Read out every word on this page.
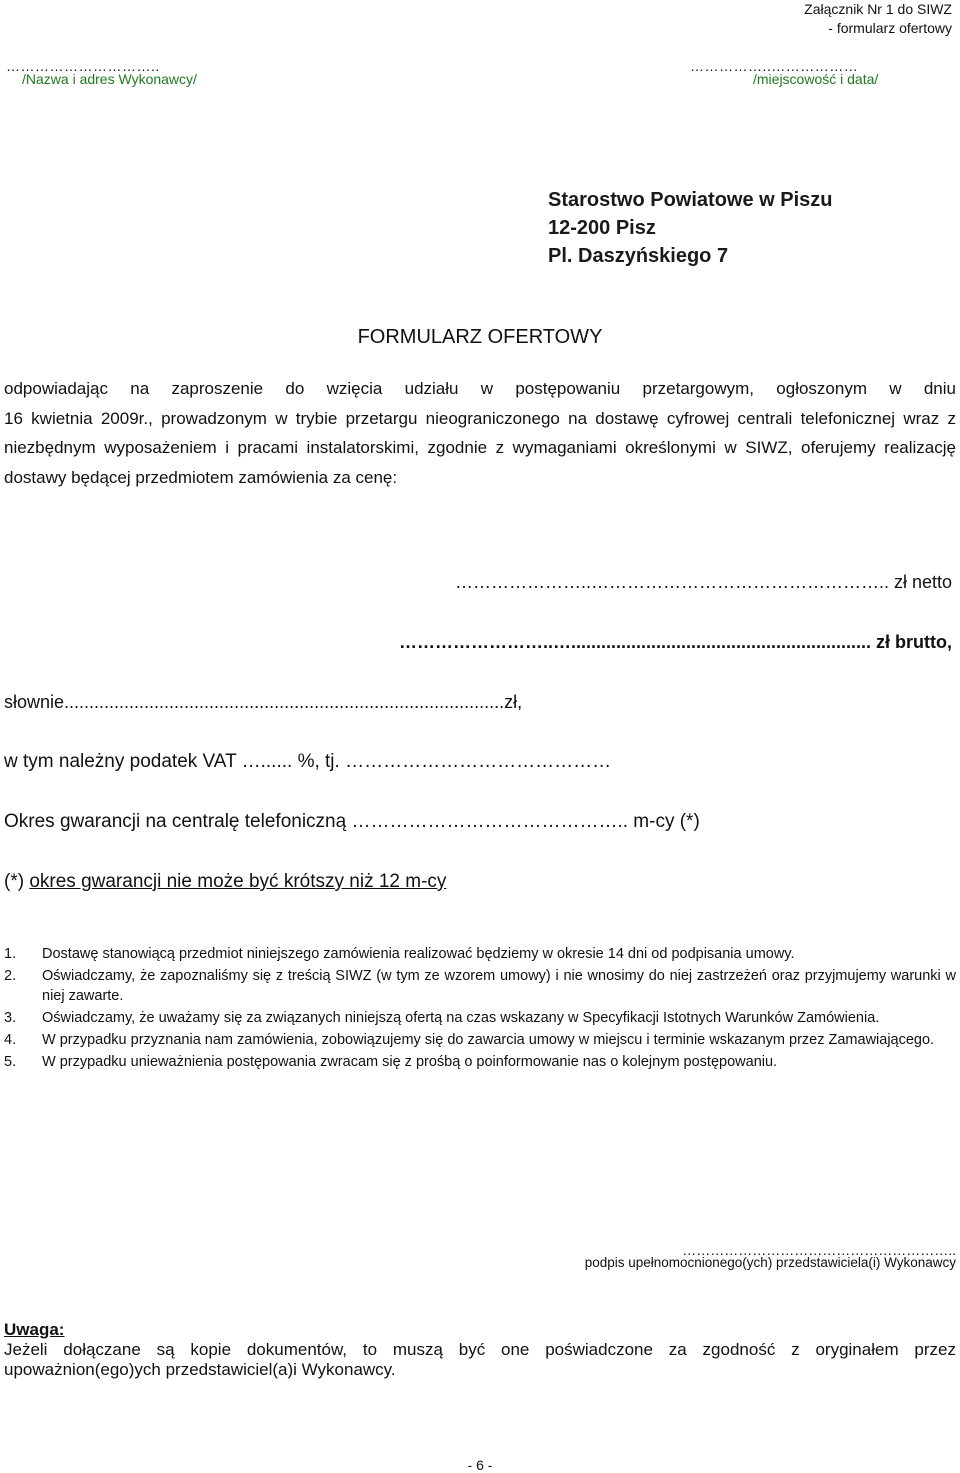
Załącznik Nr 1 do SIWZ
- formularz ofertowy
…………………………..
/Nazwa i adres Wykonawcy/
……………..………………
/miejscowość i data/
Starostwo Powiatowe w Piszu
12-200 Pisz
Pl. Daszyńskiego 7
FORMULARZ OFERTOWY
odpowiadając na zaproszenie do wzięcia udziału w postępowaniu przetargowym, ogłoszonym w dniu
16 kwietnia 2009r., prowadzonym w trybie przetargu nieograniczonego na dostawę cyfrowej centrali telefonicznej wraz z niezbędnym wyposażeniem i pracami instalatorskimi, zgodnie z wymaganiami określonymi w SIWZ, oferujemy realizację dostawy będącej przedmiotem zamówienia za cenę:
…………………..………………………………………….. zł netto
……………………..…............................................................ zł brutto,
słownie........................................................................................zł,
w tym należny podatek VAT …...... %, tj. ……………………………………
Okres gwarancji na centralę telefoniczną …………………………………….. m-cy (*)
(*) okres gwarancji nie może być krótszy niż 12 m-cy
1.	Dostawę stanowiącą przedmiot niniejszego zamówienia realizować będziemy w okresie 14 dni od podpisania umowy.
2.	Oświadczamy, że zapoznaliśmy się z treścią SIWZ (w tym ze wzorem umowy) i nie wnosimy do niej zastrzeżeń oraz przyjmujemy warunki w niej zawarte.
3.	Oświadczamy, że uważamy się za związanych niniejszą ofertą na czas wskazany w Specyfikacji Istotnych Warunków Zamówienia.
4.	W przypadku przyznania nam zamówienia, zobowiązujemy się do zawarcia umowy w miejscu i terminie wskazanym przez Zamawiającego.
5.	W przypadku unieważnienia postępowania zwracam się z prośbą o poinformowanie nas o kolejnym postępowaniu.
…………………………………………………..
podpis upełnomocnionego(ych) przedstawiciela(i) Wykonawcy
Uwaga:
Jeżeli dołączane są kopie dokumentów, to muszą być one poświadczone za zgodność z oryginałem przez
upoważnion(ego)ych przedstawiciel(a)i Wykonawcy.
- 6 -
